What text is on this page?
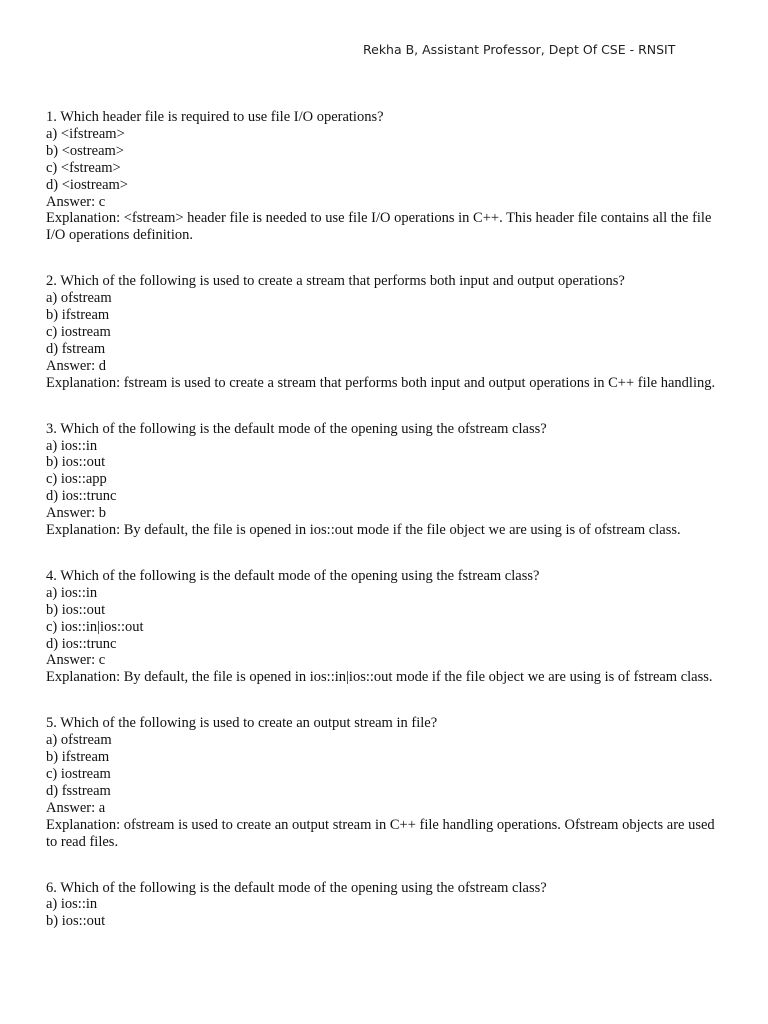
Rekha B, Assistant Professor, Dept Of CSE - RNSIT
1. Which header file is required to use file I/O operations?
a) <ifstream>
b) <ostream>
c) <fstream>
d) <iostream>
Answer: c
Explanation: <fstream> header file is needed to use file I/O operations in C++. This header file contains all the file I/O operations definition.
2. Which of the following is used to create a stream that performs both input and output operations?
a) ofstream
b) ifstream
c) iostream
d) fstream
Answer: d
Explanation: fstream is used to create a stream that performs both input and output operations in C++ file handling.
3. Which of the following is the default mode of the opening using the ofstream class?
a) ios::in
b) ios::out
c) ios::app
d) ios::trunc
Answer: b
Explanation: By default, the file is opened in ios::out mode if the file object we are using is of ofstream class.
4. Which of the following is the default mode of the opening using the fstream class?
a) ios::in
b) ios::out
c) ios::in|ios::out
d) ios::trunc
Answer: c
Explanation: By default, the file is opened in ios::in|ios::out mode if the file object we are using is of fstream class.
5. Which of the following is used to create an output stream in file?
a) ofstream
b) ifstream
c) iostream
d) fsstream
Answer: a
Explanation: ofstream is used to create an output stream in C++ file handling operations. Ofstream objects are used to read files.
6. Which of the following is the default mode of the opening using the ofstream class?
a) ios::in
b) ios::out
